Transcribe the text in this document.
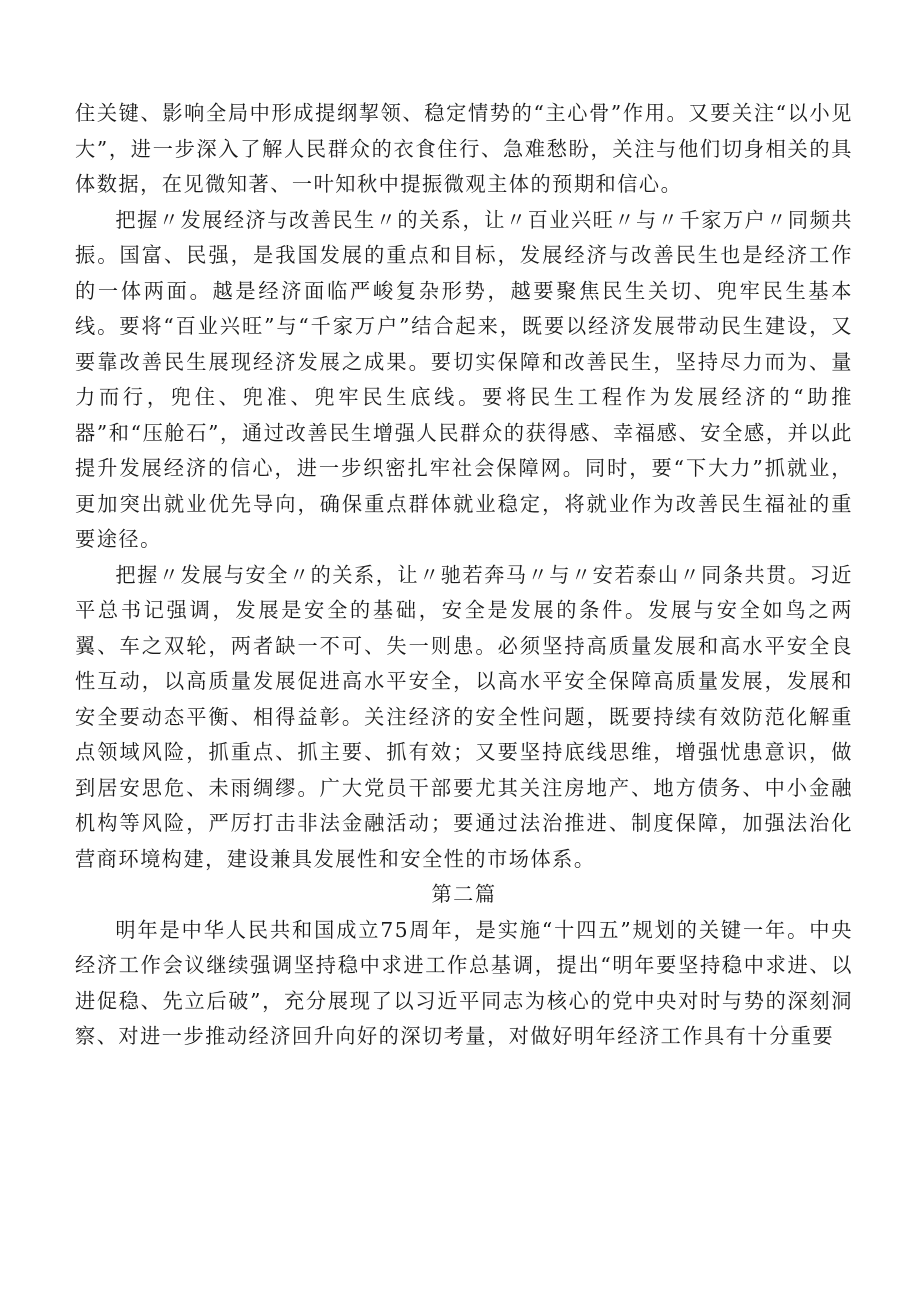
住关键、影响全局中形成提纲挈领、稳定情势的“主心骨”作用。又要关注“以小见大”，进一步深入了解人民群众的衣食住行、急难愁盼，关注与他们切身相关的具体数据，在见微知著、一叶知秋中提振微观主体的预期和信心。

把握〃发展经济与改善民生〃的关系，让〃百业兴旺〃与〃千家万户〃同频共振。国富、民强，是我国发展的重点和目标，发展经济与改善民生也是经济工作的一体两面。越是经济面临严峻复杂形势，越要聚焦民生关切、兜牢民生基本线。要将“百业兴旺”与“千家万户”结合起来，既要以经济发展带动民生建设，又要靠改善民生展现经济发展之成果。要切实保障和改善民生，坚持尽力而为、量力而行，兜住、兜准、兜牢民生底线。要将民生工程作为发展经济的“助推器”和“压舱石”，通过改善民生增强人民群众的获得感、幸福感、安全感，并以此提升发展经济的信心，进一步织密扎牢社会保障网。同时，要“下大力”抓就业，更加突出就业优先导向，确保重点群体就业稳定，将就业作为改善民生福祉的重要途径。

把握〃发展与安全〃的关系，让〃驰若奔马〃与〃安若泰山〃同条共贯。习近平总书记强调，发展是安全的基础，安全是发展的条件。发展与安全如鸟之两翼、车之双轮，两者缺一不可、失一则患。必须坚持高质量发展和高水平安全良性互动，以高质量发展促进高水平安全，以高水平安全保障高质量发展，发展和安全要动态平衡、相得益彰。关注经济的安全性问题，既要持续有效防范化解重点领域风险，抓重点、抓主要、抓有效；又要坚持底线思维，增强忧患意识，做到居安思危、未雨绸缪。广大党员干部要尤其关注房地产、地方债务、中小金融机构等风险，严厉打击非法金融活动；要通过法治推进、制度保障，加强法治化营商环境构建，建设兼具发展性和安全性的市场体系。

第二篇

明年是中华人民共和国成立75周年，是实施“十四五”规划的关键一年。中央经济工作会议继续强调坚持稳中求进工作总基调，提出“明年要坚持稳中求进、以进促稳、先立后破”，充分展现了以习近平同志为核心的党中央对时与势的深刻洞察、对进一步推动经济回升向好的深切考量，对做好明年经济工作具有十分重要
